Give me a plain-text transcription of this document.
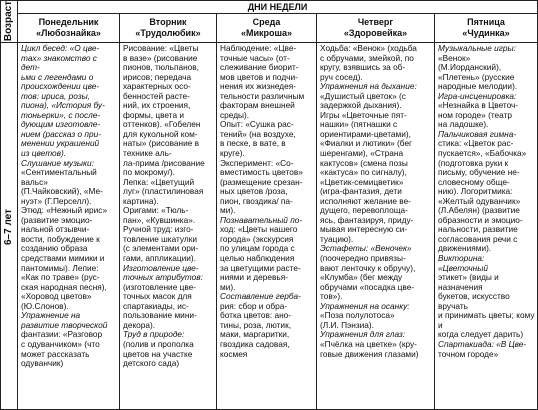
Возраст
6–7 лет
ДНИ НЕДЕЛИ
Понедельник
«Любознайка»
Вторник
«Трудолюбик»
Среда
«Микроша»
Четверг
«Здоровейка»
Пятница
«Чудинка»

Цикл бесед: «О цве-

тах» знакомство с дет-

ьми с легендами о

происхождении цве-

тов: ириса, розы,

пиона), «История бу-

тоньерки», с после-

дующим изготовле-

нием (рассказ о при-

менении украшений

из цветов).

Слушание музыки:

«Сентиментальный

вальс»

(П.Чайковский), «Ме-

нуэт» (Г.Перселл).

Этюд: «Нежный ирис»

(развитие эмоцио-

нальной отзывчи-

вости, побуждение к

созданию образа

средствами мимики и

пантомимы). Лепие:

«Как по траве» (рус-

ская народная песня),

«Хоровод цветов»

(Ю.Слонов).

Упражнение на

развитие творческой

фантазии: «Разговор

с одуванчиком» (что

может рассказать

одуванчик)

Рисование: «Цветы

в вазе» (рисование

пионов, тюльпанов,

ирисов; передача

характерных осо-

бенностей расте-

ний, их строения,

формы, цвета и

оттенков). «Гобелен

для кукольной ком-

наты» (рисование в

технике аль-

ла-прима /рисование

по мокрому/).

Лепка: «Цветущий

луг» (пластилиновая

картина).

Оригами: «Тюль-

пан», «Кувшинка».

Ручной труд: изго-

товление шкатулки

(с элементами ори-

гами, аппликации).

Изготовление цве-

точных атрибутов:

(изготовление цве-

точных масок для

спартакиады, ис-

пользование мини-

декора).

Труд в природе:

(полив и прополка

цветов на участке

детского сада)

Наблюдение: «Цве-

точные часы» (от-

слеживание биорит-

мов цветов и подчи-

нения их жизнедея-

тельности различным

факторам внешней

среды).

Опыт: «Сушка рас-

тений» (на воздухе,

в песке, в вате, в

круге).

Эксперимент: «Со-

вместимость цветов»

(размещение срезан-

ных цветов /роза,

пион, гвоздика/ па-

ми).

Познавательный по-

ход: «Цветы нашего

города» (экскурсия

по улицам города с

целью наблюдения

за цветущими расте-

ниями и деревья-

ми).

Составление герба-

рия: сбор и обра-

ботка цветов: ано-

тины, роза, лютик,

маки, маргаритки,

гвоздика садовая,

космея

Ходьба: «Венок» (ходьба

с обручами, змейкой, по

кругу, взявшись за об-

руч сосед).

Упражнения на дыхание:

«Душистый цветок» (с

задержкой дыхания).

Игры «Цветочные пят-

нашки» (пятнашки с

ориентирами-цветами),

«Фиалки и лютики» (бег

шеренгами), «Страна

кактусов» (смена позы

«кактуса» по сигналу),

«Цветик-семицветик»

(игра-фантазия, дети

исполняют желание ве-

дущего, перевоплоща-

ясь, фантазируя, приду-

мывая интересную си-

туацию).

Эстафеты: «Веночек»

(поочередно привязы-

вают ленточку к обручу),

«Клумба» (бег между

обручами «посадка цве-

тов»).

Упражнения на осанку:

«Поза полулотоса»

(Л.И. Пэнзиа).

Упражнения для глаз:

«Пчёлка на цветке» (кру-

говые движения глазами)

Музыкальные игры:

«Венок»

(М.Иорданский),

«Плетень» (русские

народные мелодии).

Игра-инсценировка:

«Незнайка в Цветоч-

ном городе» (театр

на ладошке).

Пальчиковая гимна-

стика: «Цветок рас-

пускается», «Бабочка»

(подготовка руки к

письму, обучение не-

словесному обще-

нию). Логоритмика:

«Желтый одуванчик»

(Л.Абелян) (развитие

образности и эмоцио-

нальности, развитие

согласования речи с

движениями).

Викторина: «Цветочный

этикет» (виды и назначения

букетов, искусство вручать

и принимать цветы; кому и

когда следует дарить)

Спартакиада: «В Цве-

точном городе»
